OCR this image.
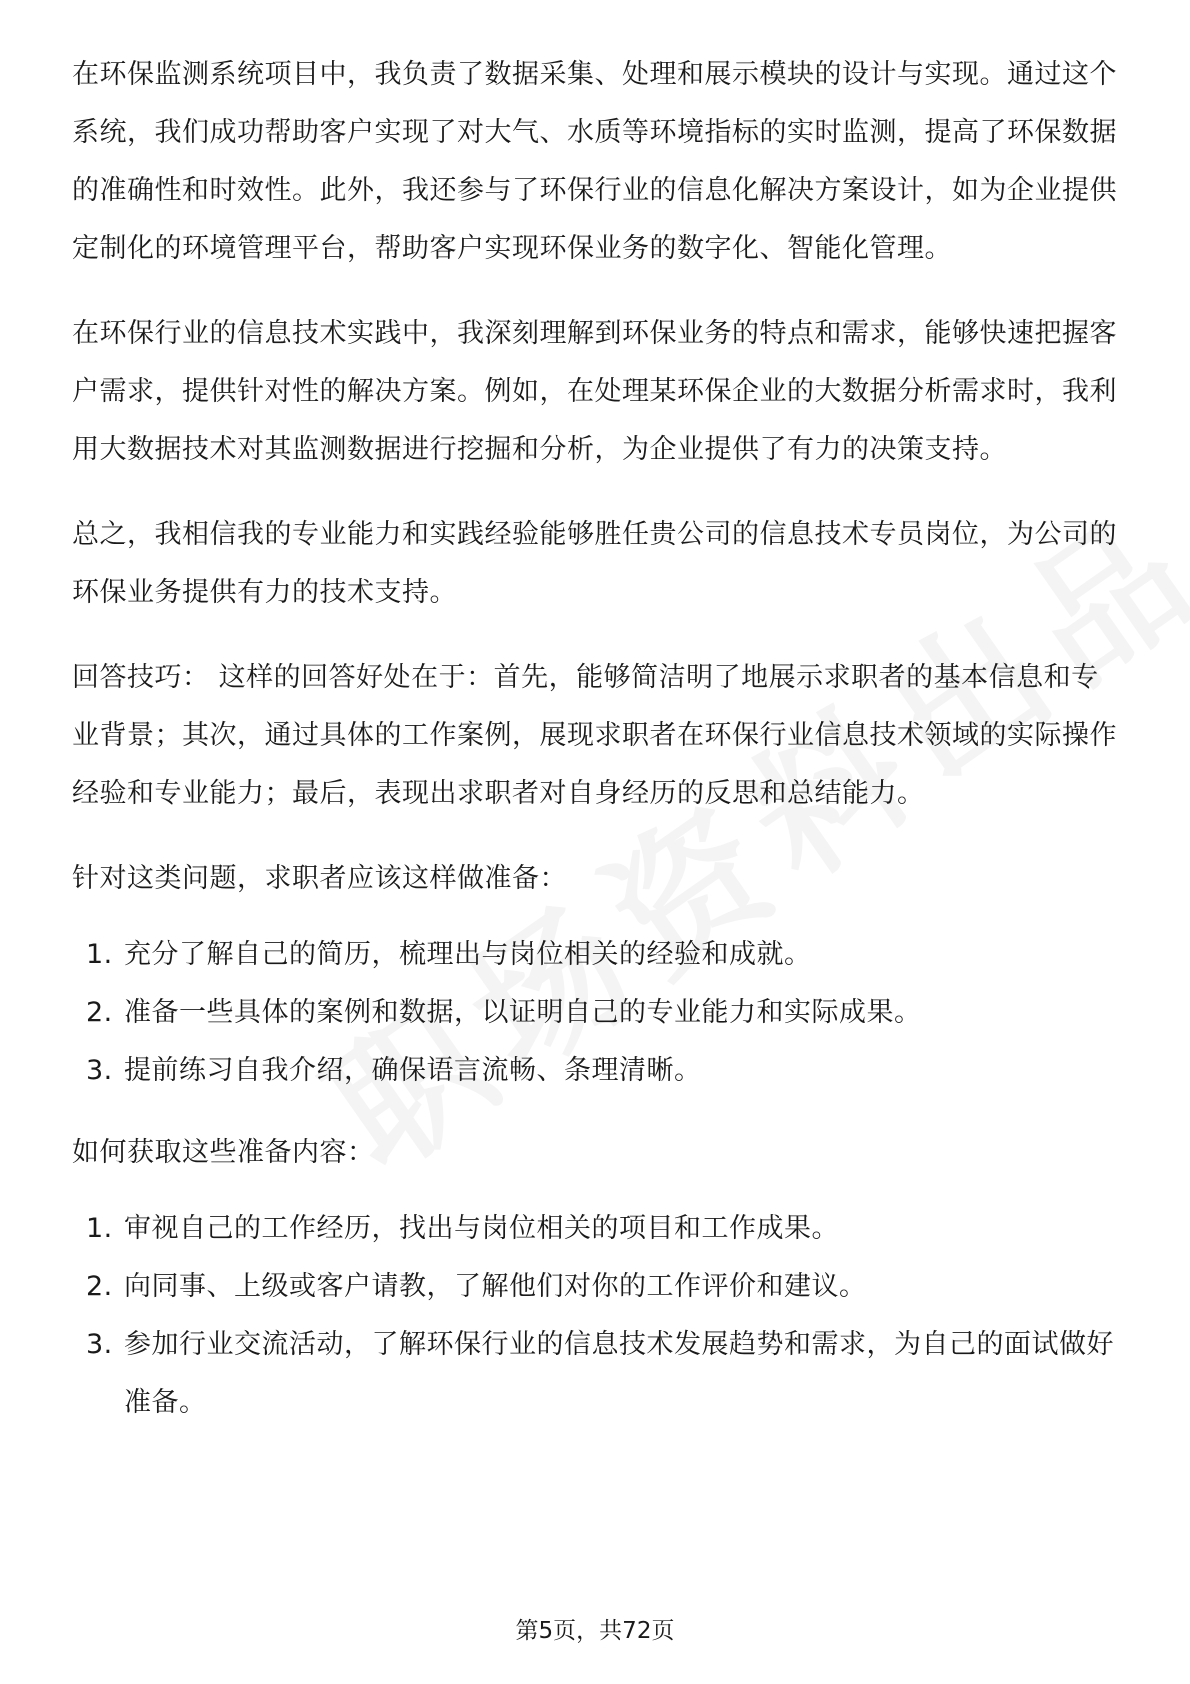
在环保监测系统项目中，我负责了数据采集、处理和展示模块的设计与实现。通过这个系统，我们成功帮助客户实现了对大气、水质等环境指标的实时监测，提高了环保数据的准确性和时效性。此外，我还参与了环保行业的信息化解决方案设计，如为企业提供定制化的环境管理平台，帮助客户实现环保业务的数字化、智能化管理。

在环保行业的信息技术实践中，我深刻理解到环保业务的特点和需求，能够快速把握客户需求，提供针对性的解决方案。例如，在处理某环保企业的大数据分析需求时，我利用大数据技术对其监测数据进行挖掘和分析，为企业提供了有力的决策支持。

总之，我相信我的专业能力和实践经验能够胜任贵公司的信息技术专员岗位，为公司的环保业务提供有力的技术支持。

回答技巧： 这样的回答好处在于：首先，能够简洁明了地展示求职者的基本信息和专业背景；其次，通过具体的工作案例，展现求职者在环保行业信息技术领域的实际操作经验和专业能力；最后，表现出求职者对自身经历的反思和总结能力。

针对这类问题，求职者应该这样做准备：

1. 充分了解自己的简历，梳理出与岗位相关的经验和成就。
2. 准备一些具体的案例和数据，以证明自己的专业能力和实际成果。
3. 提前练习自我介绍，确保语言流畅、条理清晰。

如何获取这些准备内容：

1. 审视自己的工作经历，找出与岗位相关的项目和工作成果。
2. 向同事、上级或客户请教，了解他们对你的工作评价和建议。
3. 参加行业交流活动，了解环保行业的信息技术发展趋势和需求，为自己的面试做好准备。
第5页，共72页
